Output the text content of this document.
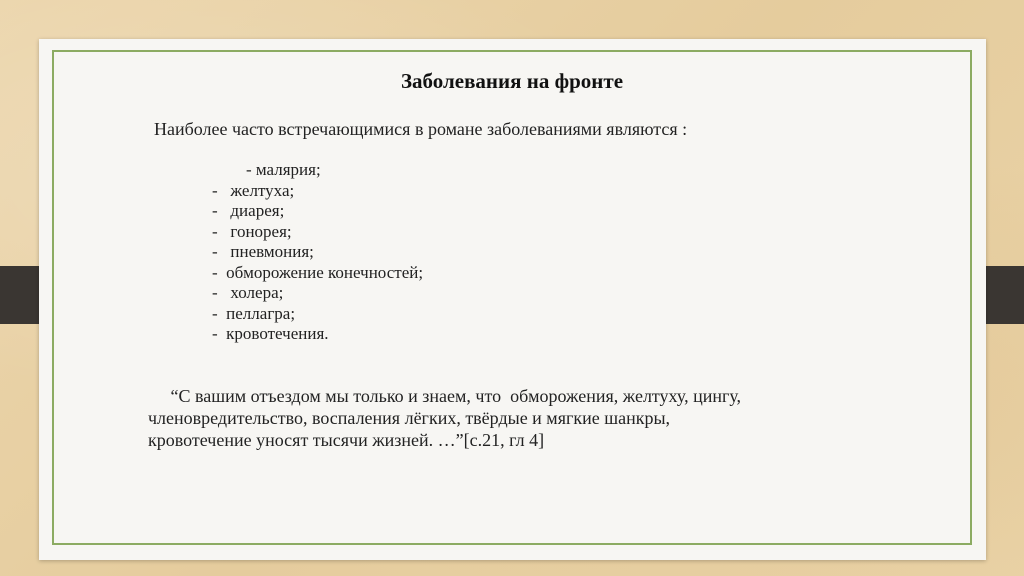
Заболевания на фронте
Наиболее часто встречающимися в романе заболеваниями являются :
- малярия;
-   желтуха;
-   диарея;
-   гонорея;
-   пневмония;
-  обморожение конечностей;
-   холера;
-  пеллагра;
-  кровотечения.
“С вашим отъездом мы только и знаем, что  обморожения, желтуху, цингу,
членовредительство, воспаления лёгких, твёрдые и мягкие шанкры,
кровотечение уносят тысячи жизней. …”[с.21, гл 4]
